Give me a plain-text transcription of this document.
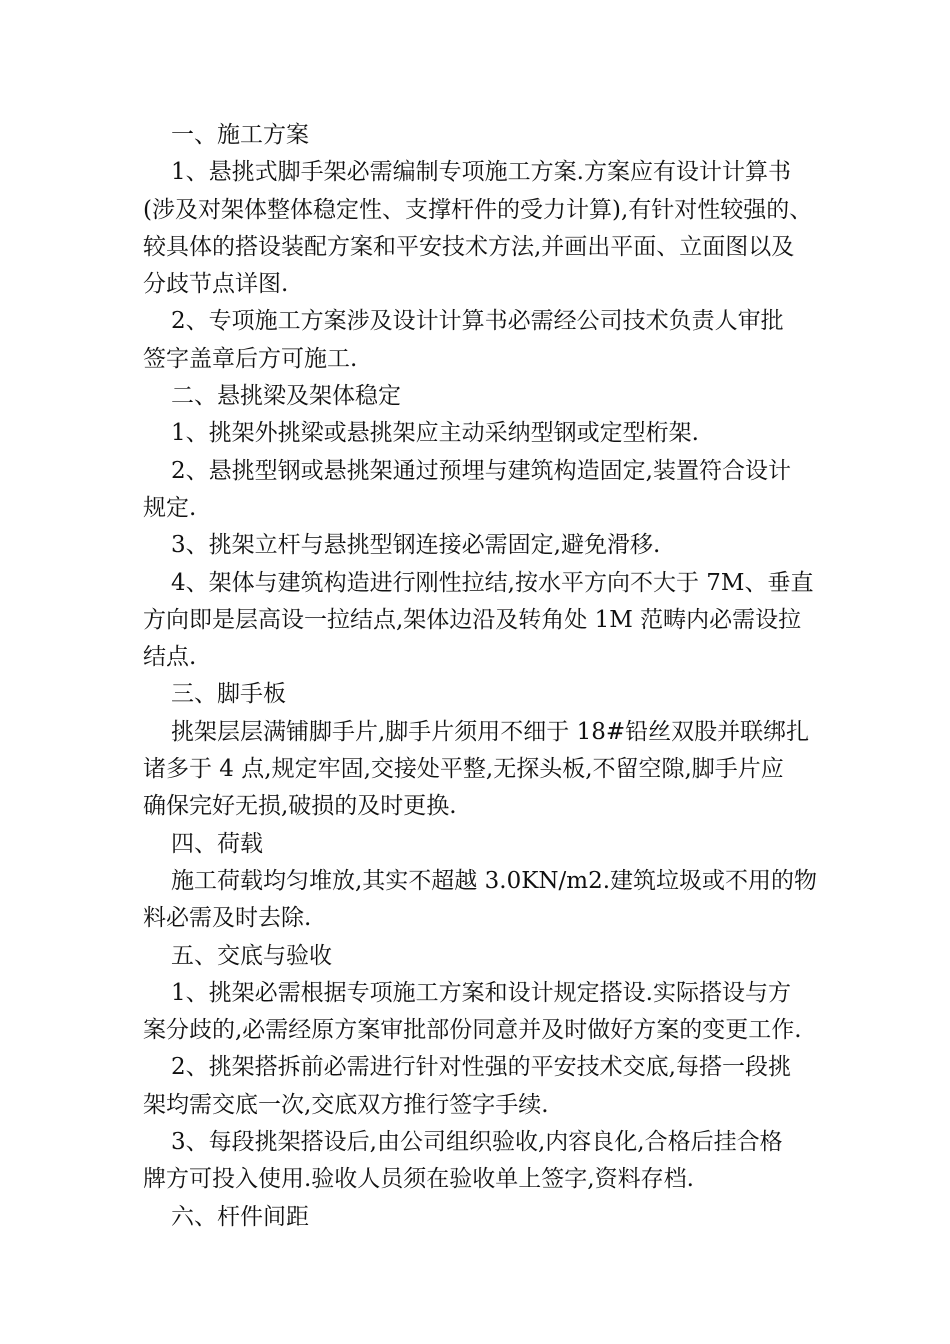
一、施工方案
1、悬挑式脚手架必需编制专项施工方案.方案应有设计计算书
(涉及对架体整体稳定性、支撑杆件的受力计算),有针对性较强的、
较具体的搭设装配方案和平安技术方法,并画出平面、立面图以及
分歧节点详图.
2、专项施工方案涉及设计计算书必需经公司技术负责人审批
签字盖章后方可施工.
二、悬挑梁及架体稳定
1、挑架外挑梁或悬挑架应主动采纳型钢或定型桁架.
2、悬挑型钢或悬挑架通过预埋与建筑构造固定,装置符合设计
规定.
3、挑架立杆与悬挑型钢连接必需固定,避免滑移.
4、架体与建筑构造进行刚性拉结,按水平方向不大于 7M、垂直
方向即是层高设一拉结点,架体边沿及转角处 1M 范畴内必需设拉
结点.
三、脚手板
挑架层层满铺脚手片,脚手片须用不细于 18#铅丝双股并联绑扎
诸多于 4 点,规定牢固,交接处平整,无探头板,不留空隙,脚手片应
确保完好无损,破损的及时更换.
四、荷载
施工荷载均匀堆放,其实不超越 3.0KN/m2.建筑垃圾或不用的物
料必需及时去除.
五、交底与验收
1、挑架必需根据专项施工方案和设计规定搭设.实际搭设与方
案分歧的,必需经原方案审批部份同意并及时做好方案的变更工作.
2、挑架搭拆前必需进行针对性强的平安技术交底,每搭一段挑
架均需交底一次,交底双方推行签字手续.
3、每段挑架搭设后,由公司组织验收,内容良化,合格后挂合格
牌方可投入使用.验收人员须在验收单上签字,资料存档.
六、杆件间距
